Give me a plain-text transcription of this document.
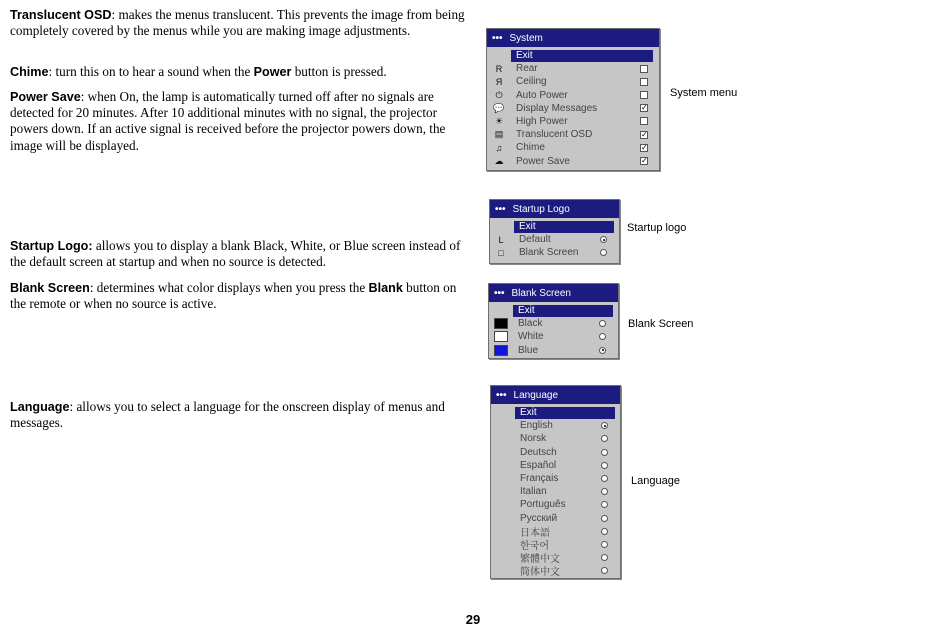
Translucent OSD: makes the menus translucent. This prevents the image from being completely covered by the menus while you are making image adjustments.

Chime: turn this on to hear a sound when the Power button is pressed.

Power Save: when On, the lamp is automatically turned off after no signals are detected for 20 minutes. After 10 additional minutes with no signal, the projector powers down. If an active signal is received before the projector powers down, the image will be displayed.

Startup Logo: allows you to display a blank Black, White, or Blue screen instead of the default screen at startup and when no source is detected.

Blank Screen: determines what color displays when you press the Blank button on the remote or when no source is active.

Language: allows you to select a language for the onscreen display of menus and messages.

••• System
Exit
R	Rear
Я	Ceiling
⏻	Auto Power
💬	✓
Display Messages
☀ High Power
▤	✓
Translucent OSD
♫	✓
Chime
☁	✓
Power Save
System menu
••• Startup Logo
Exit
L	Default
□	Blank Screen
Startup logo
••• Blank Screen
Exit
Black
White
Blue
Blank Screen
••• Language
Exit
English
Norsk
Deutsch
Español
Français
Italian
Português
Русский
日本語
한국어
繁體中文
简体中文
Language
29
